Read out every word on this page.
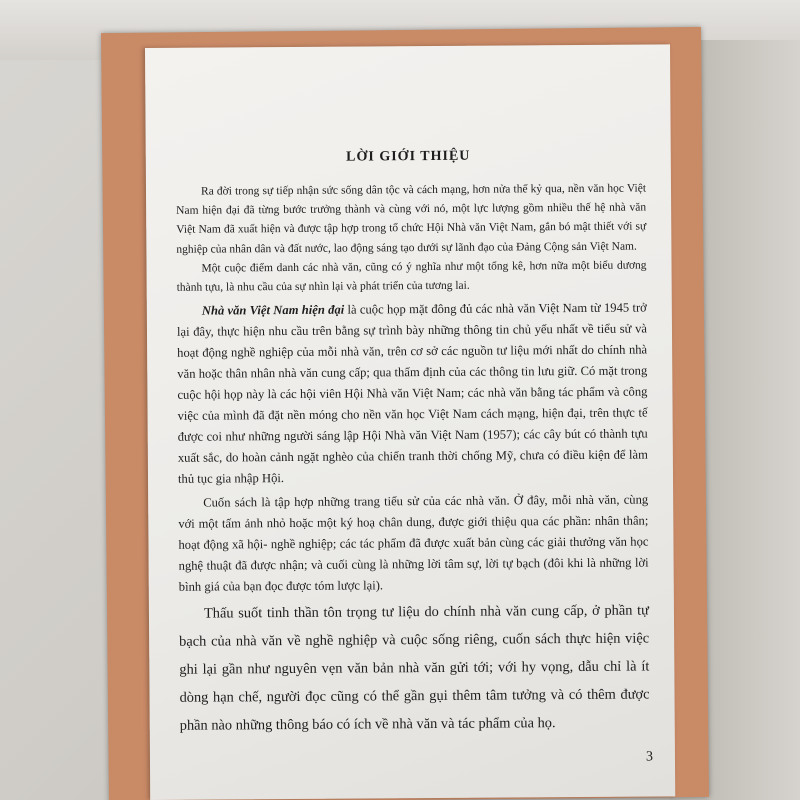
LỜI GIỚI THIỆU

Ra đời trong sự tiếp nhận sức sống dân tộc và cách mạng, hơn nửa thế kỷ qua, nền văn học Việt Nam hiện đại đã từng bước trưởng thành và cùng với nó, một lực lượng gồm nhiều thế hệ nhà văn Việt Nam đã xuất hiện và được tập hợp trong tổ chức Hội Nhà văn Việt Nam, gắn bó mật thiết với sự nghiệp của nhân dân và đất nước, lao động sáng tạo dưới sự lãnh đạo của Đảng Cộng sản Việt Nam.

Một cuộc điểm danh các nhà văn, cũng có ý nghĩa như một tổng kê, hơn nữa một biểu dương thành tựu, là nhu cầu của sự nhìn lại và phát triển của tương lai.

Nhà văn Việt Nam hiện đại là cuộc họp mặt đông đủ các nhà văn Việt Nam từ 1945 trở lại đây, thực hiện nhu cầu trên bằng sự trình bày những thông tin chủ yếu nhất về tiểu sử và hoạt động nghề nghiệp của mỗi nhà văn, trên cơ sở các nguồn tư liệu mới nhất do chính nhà văn hoặc thân nhân nhà văn cung cấp; qua thẩm định của các thông tin lưu giữ. Có mặt trong cuộc hội họp này là các hội viên Hội Nhà văn Việt Nam; các nhà văn bằng tác phẩm và công việc của mình đã đặt nền móng cho nền văn học Việt Nam cách mạng, hiện đại, trên thực tế được coi như những người sáng lập Hội Nhà văn Việt Nam (1957); các cây bút có thành tựu xuất sắc, do hoàn cảnh ngặt nghèo của chiến tranh thời chống Mỹ, chưa có điều kiện để làm thủ tục gia nhập Hội.

Cuốn sách là tập hợp những trang tiểu sử của các nhà văn. Ở đây, mỗi nhà văn, cùng với một tấm ảnh nhỏ hoặc một ký hoạ chân dung, được giới thiệu qua các phần: nhân thân; hoạt động xã hội- nghề nghiệp; các tác phẩm đã được xuất bản cùng các giải thưởng văn học nghệ thuật đã được nhận; và cuối cùng là những lời tâm sự, lời tự bạch (đôi khi là những lời bình giá của bạn đọc được tóm lược lại).

Thấu suốt tinh thần tôn trọng tư liệu do chính nhà văn cung cấp, ở phần tự bạch của nhà văn về nghề nghiệp và cuộc sống riêng, cuốn sách thực hiện việc ghi lại gần như nguyên vẹn văn bản nhà văn gửi tới; với hy vọng, dẫu chỉ là ít dòng hạn chế, người đọc cũng có thể gần gụi thêm tâm tưởng và có thêm được phần nào những thông báo có ích về nhà văn và tác phẩm của họ.

3
